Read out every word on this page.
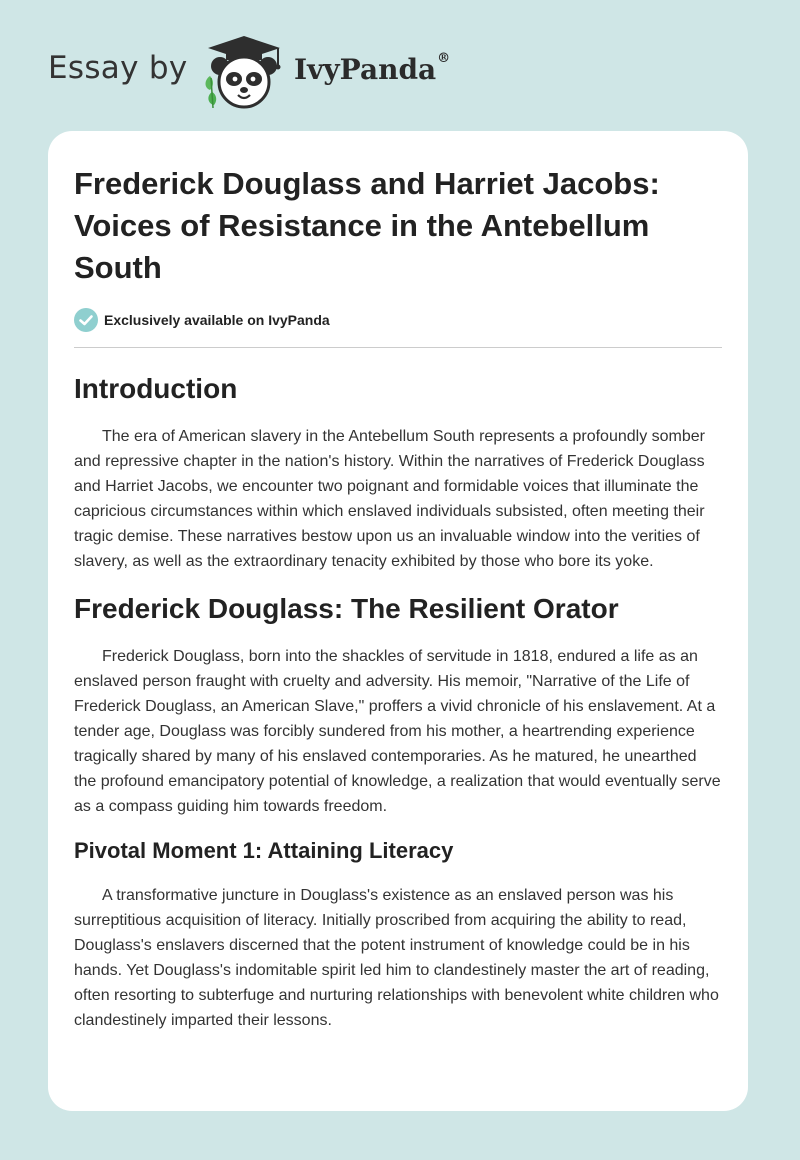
Essay by	IvyPanda®
Frederick Douglass and Harriet Jacobs: Voices of Resistance in the Antebellum South
Exclusively available on IvyPanda
Introduction

The era of American slavery in the Antebellum South represents a profoundly somber and repressive chapter in the nation's history. Within the narratives of Frederick Douglass and Harriet Jacobs, we encounter two poignant and formidable voices that illuminate the capricious circumstances within which enslaved individuals subsisted, often meeting their tragic demise. These narratives bestow upon us an invaluable window into the verities of slavery, as well as the extraordinary tenacity exhibited by those who bore its yoke.

Frederick Douglass: The Resilient Orator

Frederick Douglass, born into the shackles of servitude in 1818, endured a life as an enslaved person fraught with cruelty and adversity. His memoir, "Narrative of the Life of Frederick Douglass, an American Slave," proffers a vivid chronicle of his enslavement. At a tender age, Douglass was forcibly sundered from his mother, a heartrending experience tragically shared by many of his enslaved contemporaries. As he matured, he unearthed the profound emancipatory potential of knowledge, a realization that would eventually serve as a compass guiding him towards freedom.

Pivotal Moment 1: Attaining Literacy

A transformative juncture in Douglass's existence as an enslaved person was his surreptitious acquisition of literacy. Initially proscribed from acquiring the ability to read, Douglass's enslavers discerned that the potent instrument of knowledge could be in his hands. Yet Douglass's indomitable spirit led him to clandestinely master the art of reading, often resorting to subterfuge and nurturing relationships with benevolent white children who clandestinely imparted their lessons.
